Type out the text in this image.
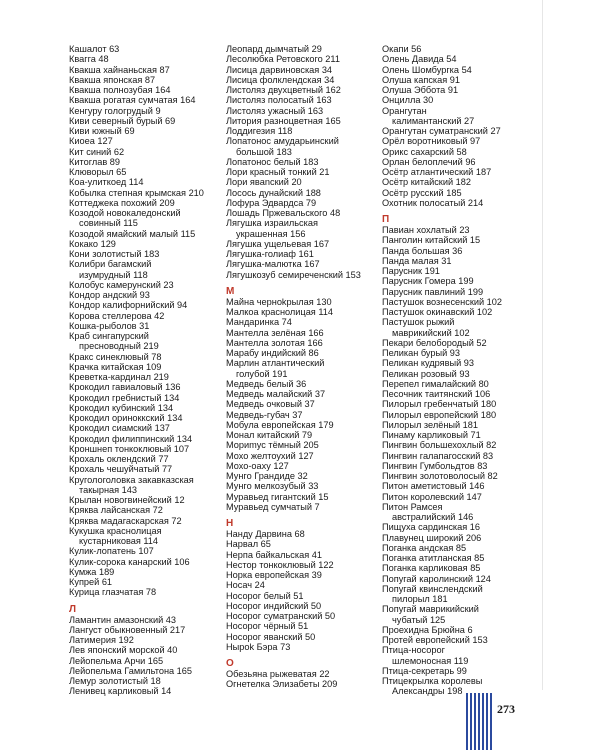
Кашалот 63
Квагга 48
Квакша хайнаньская 87
Квакша японская 87
Квакша полнозубая 164
Квакша рогатая сумчатая 164
Кенгуру гологрудый 9
Киви северный бурый 69
Киви южный 69
Киоеа 127
Кит синий 62
Китоглав 89
Клюворыл 65
Коа-улиткоед 114
Кобылка степная крымская 210
Коттеджека похожий 209
Козодой новокаледонский
совинный 115
Козодой ямайский малый 115
Кокако 129
Кони золотистый 183
Колибри багамский
изумрудный 118
Колобус камерунский 23
Кондор андский 93
Кондор калифорнийский 94
Корова стеллерова 42
Кошка-рыболов 31
Краб сингапурский
пресноводный 219
Кракс синеклювый 78
Крачка китайская 109
Креветка-кардинал 219
Крокодил гавиаловый 136
Крокодил гребнистый 134
Крокодил кубинский 134
Крокодил ориноккский 134
Крокодил сиамский 137
Крокодил филиппинский 134
Кроншнеп тонкоклювый 107
Крохаль оклендский 77
Крохаль чешуйчатый 77
Кругологоловка закавказская
такырная 143
Крылан новогвинейский 12
Кряква лайсанская 72
Кряква мадагаскарская 72
Кукушка краснолицая
кустарниковая 114
Кулик-лопатень 107
Кулик-сорока канарский 106
Кумжа 189
Купрей 61
Курица глазчатая 78
Л
Ламантин амазонский 43
Лангуст обыкновенный 217
Латимерия 192
Лев японский морской 40
Лейопельма Арчи 165
Лейопельма Гамильтона 165
Лемур золотистый 18
Ленивец карликовый 14
Леопард дымчатый 29
Лесолюбка Ретовского 211
Лисица дарвиновская 34
Лисица фолклендская 34
Листоляз двухцветный 162
Листоляз полосатый 163
Листоляз ужасный 163
Литория разноцветная 165
Лоддигезия 118
Лопатонос амударьинский
большой 183
Лопатонос белый 183
Лори красный тонкий 21
Лори явanский 20
Лосось дунайский 188
Лофура Эдвардса 79
Лошадь Пржевальского 48
Лягушка израильская
украшенная 156
Лягушка ущельевая 167
Лягушка-голиаф 161
Лягушка-малютка 167
Лягушкозуб семиреченский 153
М
Майна черноkрылая 130
Малкоа краснолицая 114
Мандаринка 74
Мантелла зелёная 166
Мантелла золотая 166
Марабу индийский 86
Марлин атлантический
голубой 191
Медведь белый 36
Медведь малайский 37
Медведь очковый 37
Медведь-губач 37
Мобула европейская 179
Монал китайский 79
Мориmус тёмный 205
Мохо желтоухий 127
Мохо-оаху 127
Мунго Грандиде 32
Мунго мелкозубый 33
Муравьед гигантский 15
Муравьед сумчатый 7
Н
Нанду Дарвина 68
Нарвал 65
Нерпа байкальская 41
Нестор тонкоклювый 122
Норка европейская 39
Носач 24
Носорог белый 51
Носорог индийский 50
Носорог суматранский 50
Носорог чёрный 51
Носорог яванский 50
Ныроk Бэра 73
О
Обезьяна рыжеватая 22
Огнетелка Элизабеты 209
Окапи 56
Олень Давида 54
Олень Шомбургка 54
Олуша капская 91
Олуша Эббота 91
Онцилла 30
Орангутан
калимантанский 27
Орангутан суматранский 27
Орёл воротниковый 97
Орикс сахарский 58
Орлан белоплечий 96
Осётр атлантический 187
Осётр китайский 182
Осётр русский 185
Охотник полосатый 214
П
Павиан хохлатый 23
Панголин китайский 15
Панда большая 36
Панда малая 31
Парусник 191
Парусник Гомера 199
Парусник павлиний 199
Пастушок вознесенский 102
Пастушок окинавский 102
Пастушок рыжий
маврикийский 102
Пекари белобородый 52
Пеликан бурый 93
Пеликан кудрявый 93
Пеликан розовый 93
Перепел гималайский 80
Песочник таитянский 106
Пилорыл гребенчатый 180
Пилорыл европейский 180
Пилорыл зелёный 181
Пинаму карликовый 71
Пингвин большехохлый 82
Пингвин галапагосский 83
Пингвин Гумбольдтов 83
Пингвин золотоволосый 82
Питон аметистовый 146
Питон королевский 147
Питон Рамсея
австралийский 146
Пищуха сардинская 16
Плавунец широкий 206
Поганка андская 85
Поганка атитланская 85
Поганка карликовая 85
Попугай каролинский 124
Попугай квинслендский
пилорыл 181
Попугай маврикийский
чубатый 125
Проехидна Брюйна 6
Протей европейский 153
Птица-носорог
шлемоносная 119
Птица-секретарь 99
Птицекрылка королевы
Александры 198
273
